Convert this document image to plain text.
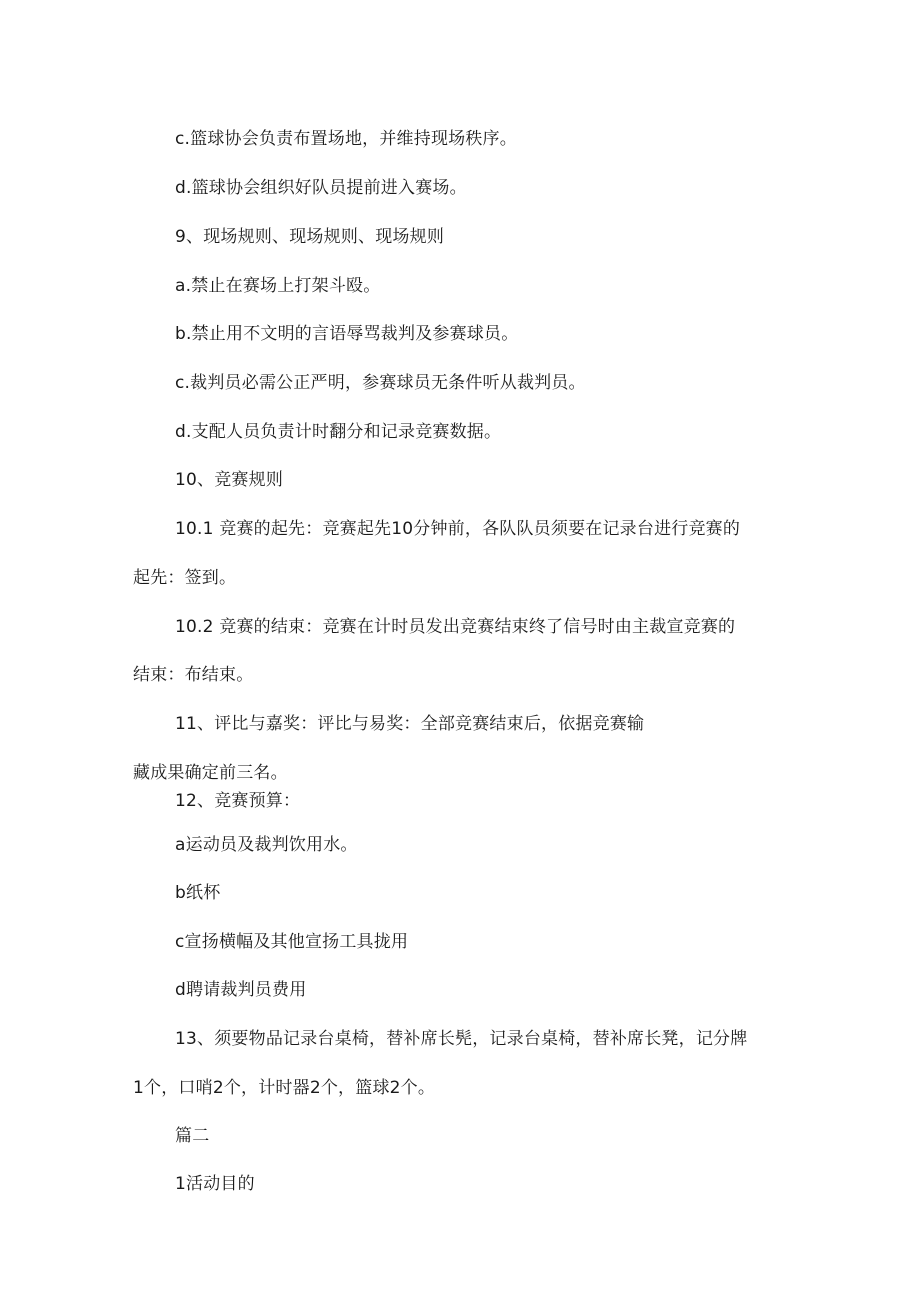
c.篮球协会负责布置场地，并维持现场秩序。
d.篮球协会组织好队员提前进入赛场。
9、现场规则、现场规则、现场规则
a.禁止在赛场上打架斗殴。
b.禁止用不文明的言语辱骂裁判及参赛球员。
c.裁判员必需公正严明，参赛球员无条件听从裁判员。
d.支配人员负责计时翻分和记录竞赛数据。
10、竞赛规则
10.1 竞赛的起先：竞赛起先10分钟前，各队队员须要在记录台进行竞赛的
起先：签到。
10.2 竞赛的结束：竞赛在计时员发出竞赛结束终了信号时由主裁宣竞赛的
结束：布结束。
11、评比与嘉奖：评比与易奖：全部竞赛结束后，依据竞赛输
藏成果确定前三名。
12、竞赛预算：
a运动员及裁判饮用水。
b纸杯
c宣扬横幅及其他宣扬工具拢用
d聘请裁判员费用
13、须要物品记录台桌椅，替补席长髡，记录台桌椅，替补席长凳，记分牌
1个，口哨2个，计时器2个，篮球2个。
篇二
1活动目的
